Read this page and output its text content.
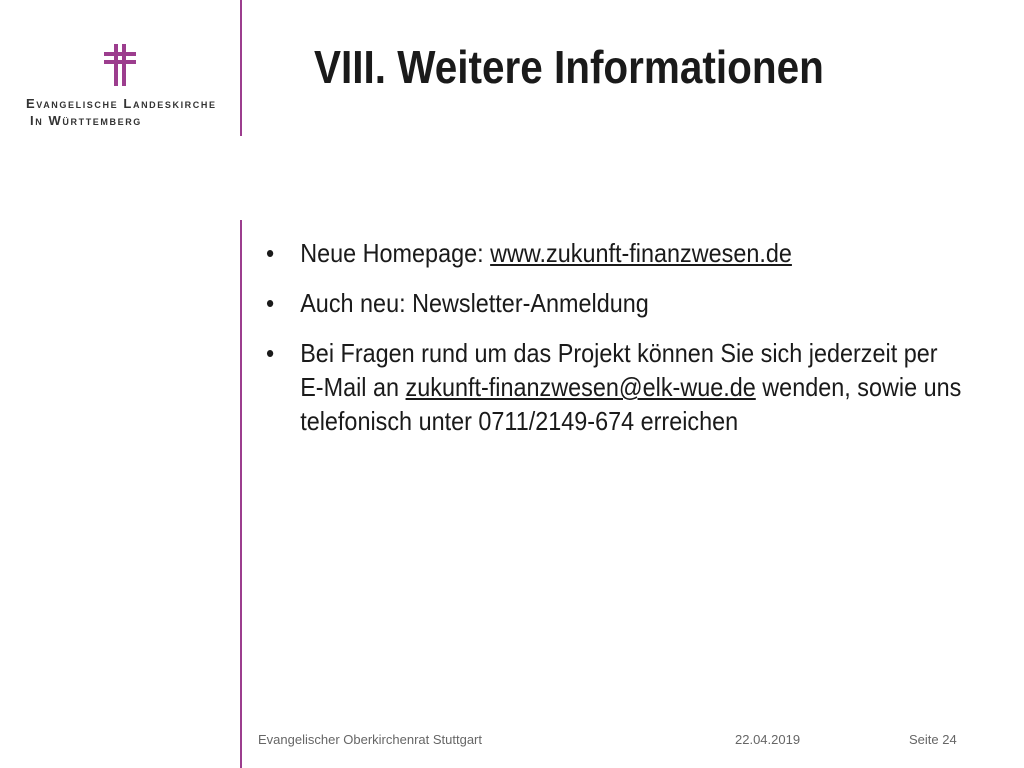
Evangelische Landeskirche
In Württemberg
VIII. Weitere Informationen
• Neue Homepage: www.zukunft-finanzwesen.de
• Auch neu: Newsletter-Anmeldung
• Bei Fragen rund um das Projekt können Sie sich jederzeit per E-Mail an zukunft-finanzwesen@elk-wue.de wenden, sowie uns telefonisch unter 0711/2149-674 erreichen
Evangelischer Oberkirchenrat Stuttgart	22.04.2019	Seite 24
